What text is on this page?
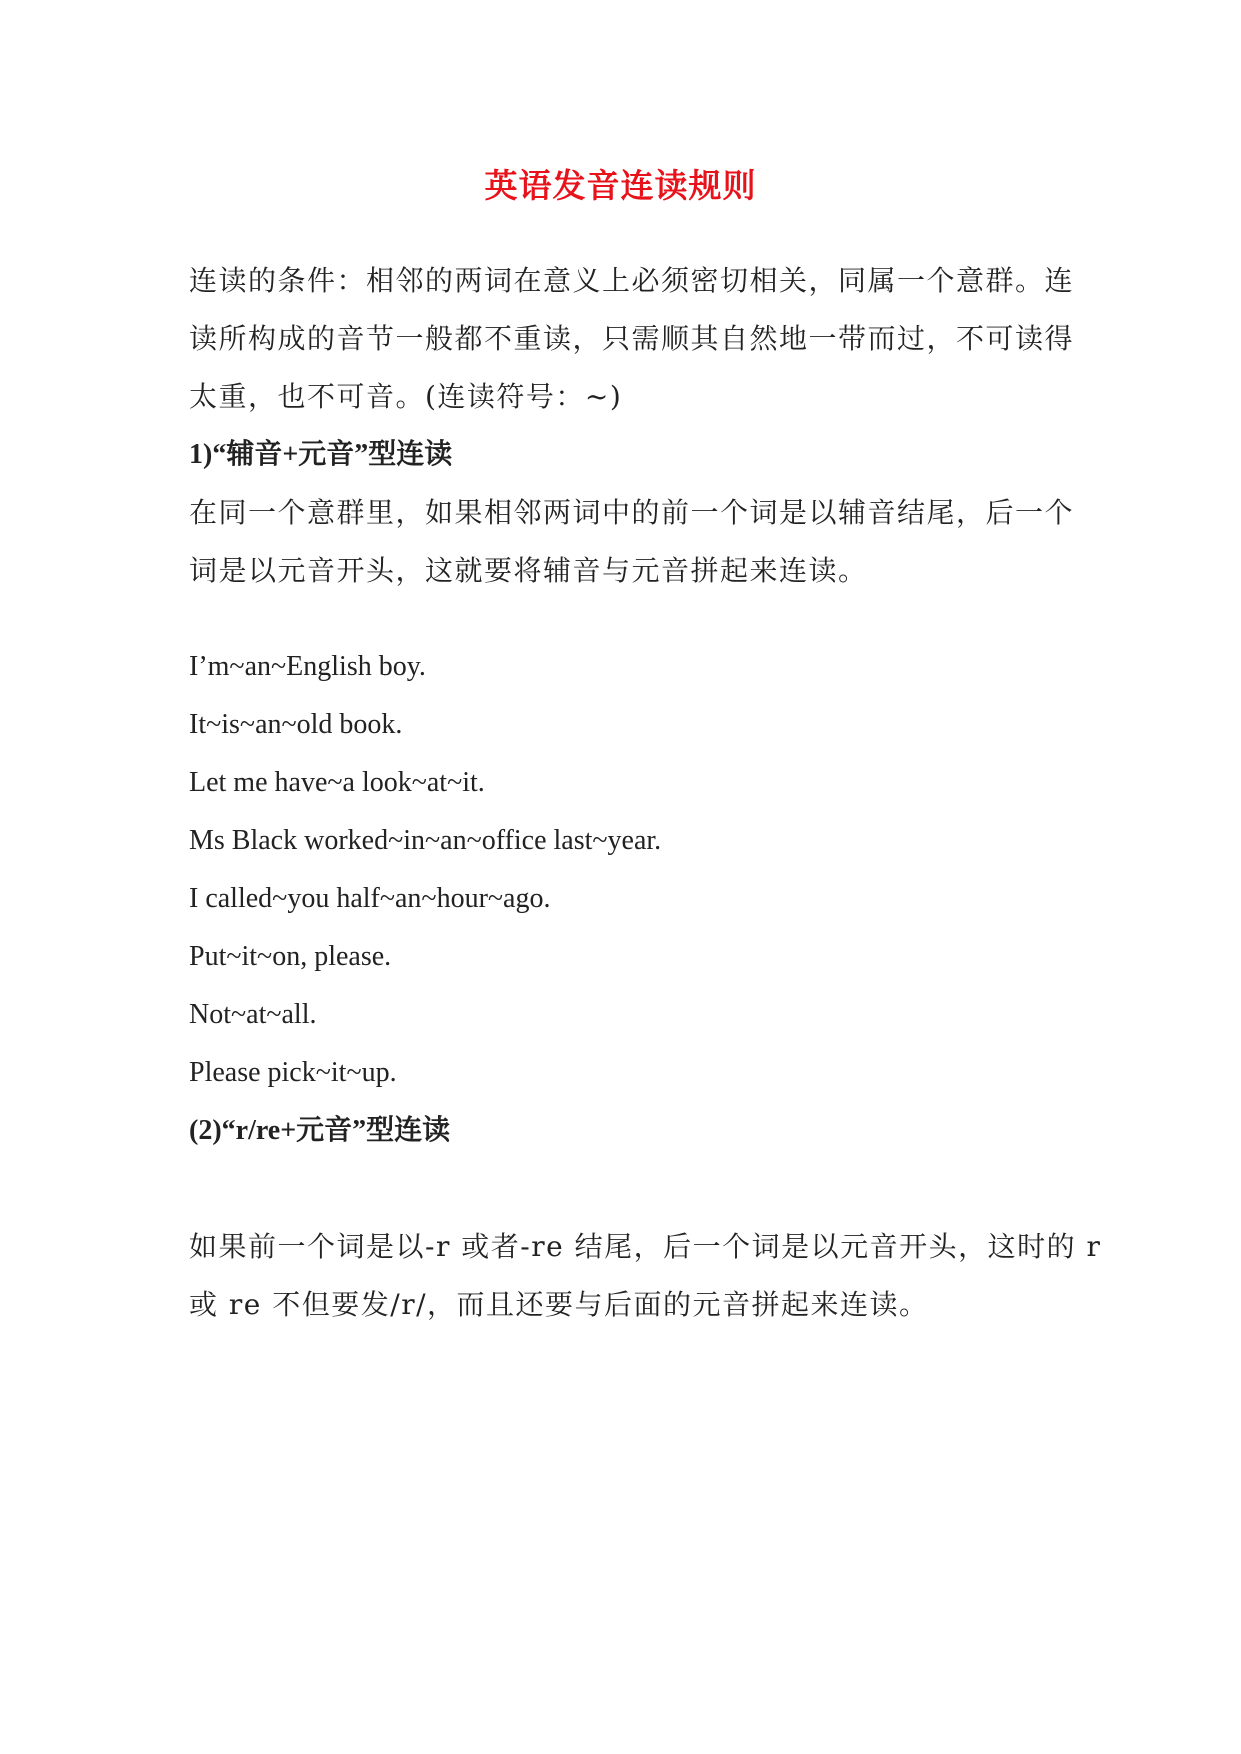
英语发音连读规则
连读的条件：相邻的两词在意义上必须密切相关，同属一个意群。连
读所构成的音节一般都不重读，只需顺其自然地一带而过，不可读得
太重，也不可音。(连读符号：~)
1)“辅音+元音”型连读
在同一个意群里，如果相邻两词中的前一个词是以辅音结尾，后一个
词是以元音开头，这就要将辅音与元音拼起来连读。
I’m~an~English boy.
It~is~an~old book.
Let me have~a look~at~it.
Ms Black worked~in~an~office last~year.
I called~you half~an~hour~ago.
Put~it~on, please.
Not~at~all.
Please pick~it~up.
(2)“r/re+元音”型连读
如果前一个词是以-r 或者-re 结尾，后一个词是以元音开头，这时的 r
或 re 不但要发/r/，而且还要与后面的元音拼起来连读。
